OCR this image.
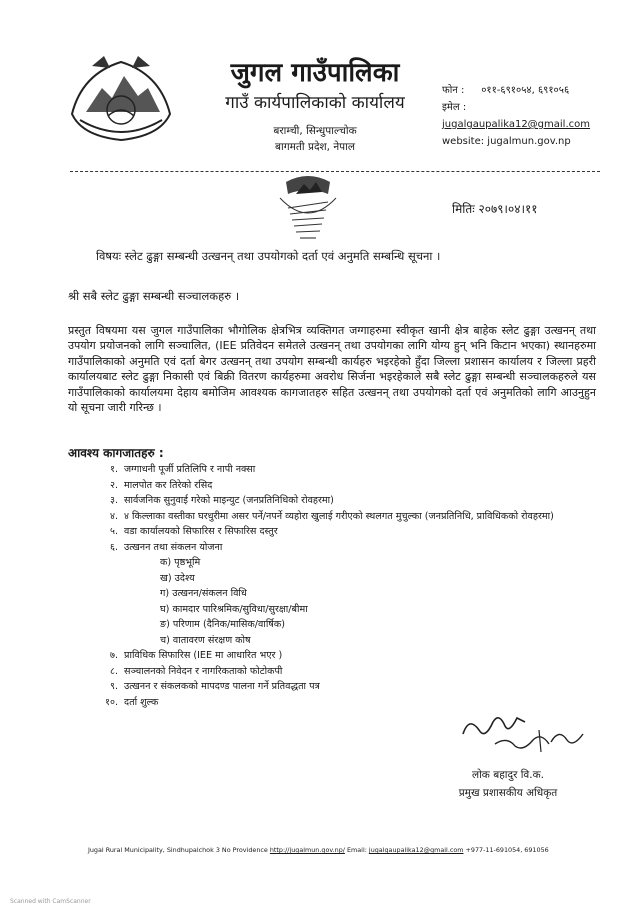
जुगल गाउँपालिका
गाउँ कार्यपालिकाको कार्यालय
बराम्ची, सिन्धुपाल्चोक
बागमती प्रदेश, नेपाल
फोन : ०११-६९१०५४, ६९१०५६
इमेल : jugalgaupalika12@gmail.com
website: jugalmun.gov.np
मितिः २०७९।०४।११
विषयः स्लेट ढुङ्गा सम्बन्धी उत्खनन् तथा उपयोगको दर्ता एवं अनुमति सम्बन्धि सूचना ।
श्री सबै स्लेट ढुङ्गा सम्बन्धी सञ्चालकहरु ।
प्रस्तुत विषयमा यस जुगल गाउँपालिका भौगोलिक क्षेत्रभित्र व्यक्तिगत जग्गाहरुमा स्वीकृत खानी क्षेत्र बाहेक स्लेट ढुङ्गा उत्खनन् तथा उपयोग प्रयोजनको लागि सञ्चालित, (IEE प्रतिवेदन समेतले उत्खनन् तथा उपयोगका लागि योग्य हुन् भनि किटान भएका) स्थानहरुमा गाउँपालिकाको अनुमति एवं दर्ता बेगर उत्खनन् तथा उपयोग सम्बन्धी कार्यहरु भइरहेको हुँदा जिल्ला प्रशासन कार्यालय र जिल्ला प्रहरी कार्यालयबाट स्लेट ढुङ्गा निकासी एवं बिक्री वितरण कार्यहरुमा अवरोध सिर्जना भइरहेकाले सबै स्लेट ढुङ्गा सम्बन्धी सञ्चालकहरुले यस गाउँपालिकाको कार्यालयमा देहाय बमोजिम आवश्यक कागजातहरु सहित उत्खनन् तथा उपयोगको दर्ता एवं अनुमतिको लागि आउनुहुन यो सूचना जारी गरिन्छ ।
आवश्य कागजातहरु :
१. जग्गाधनी पूर्जी प्रतिलिपि र नापी नक्सा
२. मालपोत कर तिरेको रसिद
३. सार्वजनिक सुनुवाई गरेको माइन्युट (जनप्रतिनिधिको रोवहरमा)
४. ४ किल्लाका वस्तीका घरधुरीमा असर पर्ने/नपर्ने व्यहोरा खुलाई गरीएको स्थलगत मुचुल्का (जनप्रतिनिधि, प्राविधिकको रोवहरमा)
५. वडा कार्यालयको सिफारिस र सिफारिस दस्तुर
६. उत्खनन तथा संकलन योजना
क) पृष्ठभूमि
ख) उदेश्य
ग) उत्खनन/संकलन विधि
घ) कामदार पारिश्रमिक/सुविधा/सुरक्षा/बीमा
ङ) परिणाम (दैनिक/मासिक/वार्षिक)
च) वातावरण संरक्षण कोष
७. प्राविधिक सिफारिस (IEE मा आधारित भएर )
८. सञ्चालनको निवेदन र नागरिकताको फोटोकपी
९. उत्खनन र संकलकको मापदण्ड पालना गर्ने प्रतिवद्धता पत्र
१०. दर्ता शुल्क
लोक बहादुर वि.क.
प्रमुख प्रशासकीय अधिकृत
Jugal Rural Municipality, Sindhupalchok 3 No Providence http://jugalmun.gov.np/ Email: jugalgaupalika12@gmail.com +977-11-691054, 691056
Scanned with CamScanner
